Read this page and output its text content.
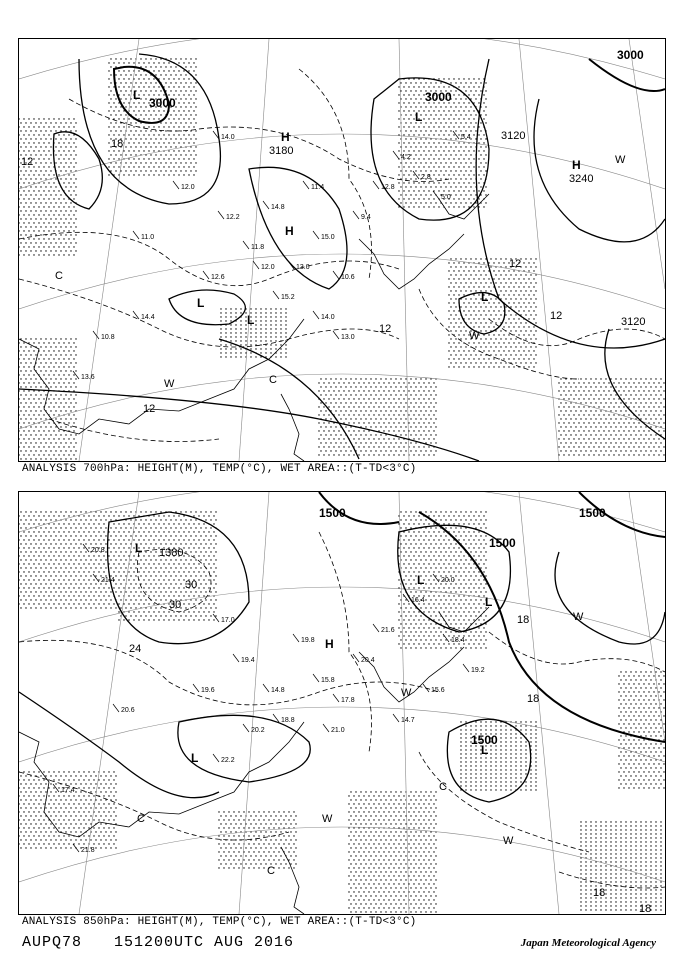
14.0
12.0
12.2
11.8
14.8
13.0
15.0
10.6
9.4
12.8
11.4
14.0
13.0
15.2
12.0
12.6
11.0
4.2
2.8
5.0
5.4
14.4
10.8
13.6
3000	3000
3000
3120
3120
3180
3240
12
18
12
12
12
12
L
L
L
L
L
H
H
H
C
C
W
W
W
ANALYSIS 700hPa: HEIGHT(M), TEMP(°C), WET AREA::(T-TD<3°C)
20.8
21.4
17.0
19.4
14.8
19.8
15.8
21.0
22.2
20.2
18.8
19.6
17.8
20.4
21.6
16.4
20.0
18.4
19.2
15.6
14.7
20.6
17.4
21.8
1500
1500
1500
1500
1380
30
30
24
18
18
18
18
L
L
L
L
L
H
C
C
C
W
W
W
W
ANALYSIS 850hPa: HEIGHT(M), TEMP(°C), WET AREA::(T-TD<3°C)
AUPQ78 151200UTC AUG 2016	Japan Meteorological Agency
